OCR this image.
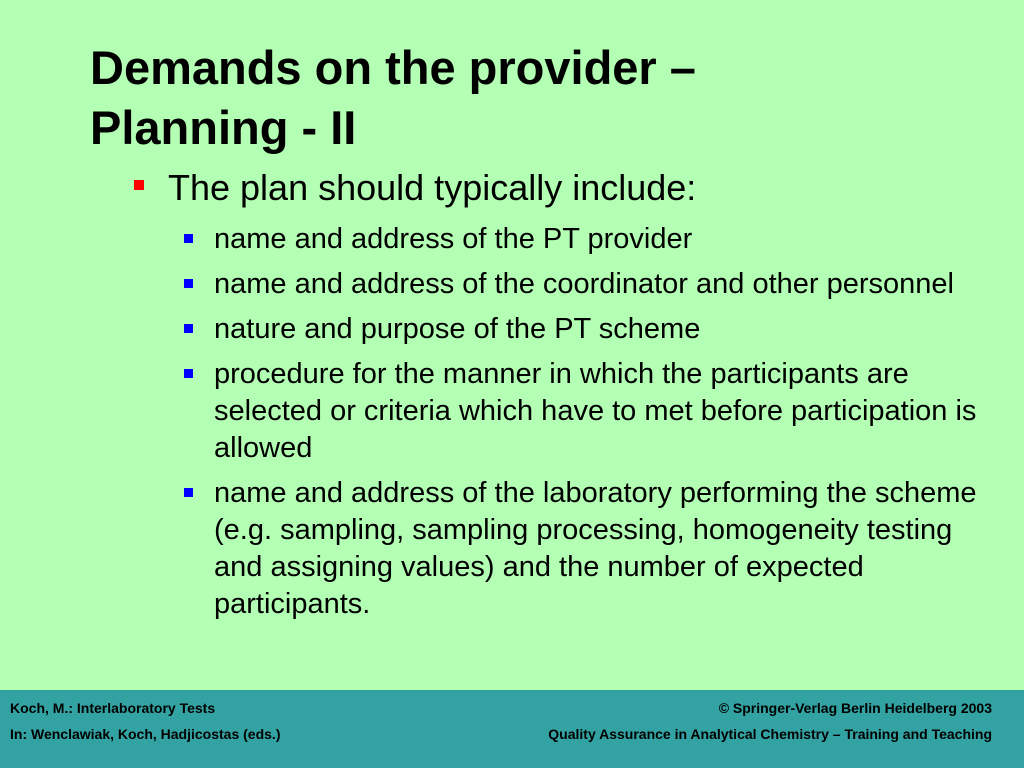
Demands on the provider –
Planning - II
The plan should typically include:
name and address of the PT provider
name and address of the coordinator and other personnel
nature and purpose of the PT scheme
procedure for the manner in which the participants are selected or criteria which have to met before participation is allowed
name and address of the laboratory performing the scheme (e.g. sampling, sampling processing, homogeneity testing and assigning values) and the number of expected participants.
Koch, M.: Interlaboratory Tests
In: Wenclawiak, Koch, Hadjicostas (eds.)
© Springer-Verlag Berlin Heidelberg 2003
Quality Assurance in Analytical Chemistry – Training and Teaching
